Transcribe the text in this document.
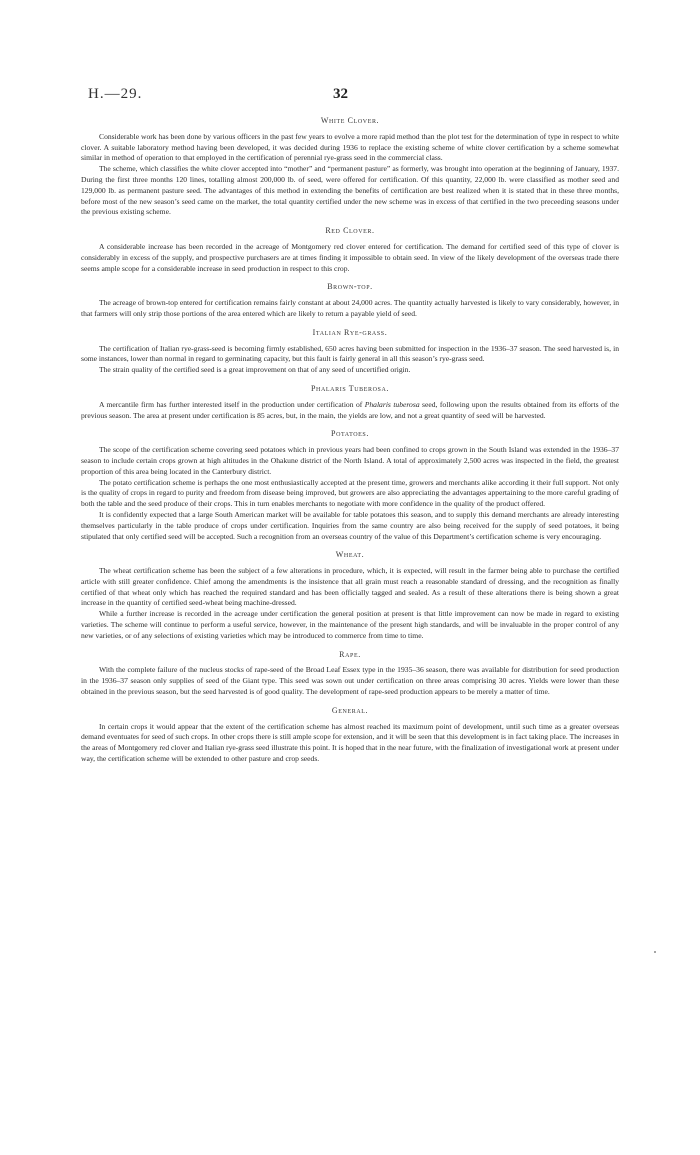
H.—29.	32
White Clover.

Considerable work has been done by various officers in the past few years to evolve a more rapid method than the plot test for the determination of type in respect to white clover. A suitable laboratory method having been developed, it was decided during 1936 to replace the existing scheme of white clover certification by a scheme somewhat similar in method of operation to that employed in the certification of perennial rye-grass seed in the commercial class.

The scheme, which classifies the white clover accepted into “mother” and “permanent pasture” as formerly, was brought into operation at the beginning of January, 1937. During the first three months 120 lines, totalling almost 200,000 lb. of seed, were offered for certification. Of this quantity, 22,000 lb. were classified as mother seed and 129,000 lb. as permanent pasture seed. The advantages of this method in extending the benefits of certification are best realized when it is stated that in these three months, before most of the new season’s seed came on the market, the total quantity certified under the new scheme was in excess of that certified in the two preceeding seasons under the previous existing scheme.

Red Clover.

A considerable increase has been recorded in the acreage of Montgomery red clover entered for certification. The demand for certified seed of this type of clover is considerably in excess of the supply, and prospective purchasers are at times finding it impossible to obtain seed. In view of the likely development of the overseas trade there seems ample scope for a considerable increase in seed production in respect to this crop.

Brown-top.

The acreage of brown-top entered for certification remains fairly constant at about 24,000 acres. The quantity actually harvested is likely to vary considerably, however, in that farmers will only strip those portions of the area entered which are likely to return a payable yield of seed.

Italian Rye-grass.

The certification of Italian rye-grass-seed is becoming firmly established, 650 acres having been submitted for inspection in the 1936–37 season. The seed harvested is, in some instances, lower than normal in regard to germinating capacity, but this fault is fairly general in all this season’s rye-grass seed.

The strain quality of the certified seed is a great improvement on that of any seed of uncertified origin.

Phalaris Tuberosa.

A mercantile firm has further interested itself in the production under certification of Phalaris tuberosa seed, following upon the results obtained from its efforts of the previous season. The area at present under certification is 85 acres, but, in the main, the yields are low, and not a great quantity of seed will be harvested.

Potatoes.

The scope of the certification scheme covering seed potatoes which in previous years had been confined to crops grown in the South Island was extended in the 1936–37 season to include certain crops grown at high altitudes in the Ohakune district of the North Island. A total of approximately 2,500 acres was inspected in the field, the greatest proportion of this area being located in the Canterbury district.

The potato certification scheme is perhaps the one most enthusiastically accepted at the present time, growers and merchants alike according it their full support. Not only is the quality of crops in regard to purity and freedom from disease being improved, but growers are also appreciating the advantages appertaining to the more careful grading of both the table and the seed produce of their crops. This in turn enables merchants to negotiate with more confidence in the quality of the product offered.

It is confidently expected that a large South American market will be available for table potatoes this season, and to supply this demand merchants are already interesting themselves particularly in the table produce of crops under certification. Inquiries from the same country are also being received for the supply of seed potatoes, it being stipulated that only certified seed will be accepted. Such a recognition from an overseas country of the value of this Department’s certification scheme is very encouraging.

Wheat.

The wheat certification scheme has been the subject of a few alterations in procedure, which, it is expected, will result in the farmer being able to purchase the certified article with still greater confidence. Chief among the amendments is the insistence that all grain must reach a reasonable standard of dressing, and the recognition as finally certified of that wheat only which has reached the required standard and has been officially tagged and sealed. As a result of these alterations there is being shown a great increase in the quantity of certified seed-wheat being machine-dressed.

While a further increase is recorded in the acreage under certification the general position at present is that little improvement can now be made in regard to existing varieties. The scheme will continue to perform a useful service, however, in the maintenance of the present high standards, and will be invaluable in the proper control of any new varieties, or of any selections of existing varieties which may be introduced to commerce from time to time.

Rape.

With the complete failure of the nucleus stocks of rape-seed of the Broad Leaf Essex type in the 1935–36 season, there was available for distribution for seed production in the 1936–37 season only supplies of seed of the Giant type. This seed was sown out under certification on three areas comprising 30 acres. Yields were lower than these obtained in the previous season, but the seed harvested is of good quality. The development of rape-seed production appears to be merely a matter of time.

General.

In certain crops it would appear that the extent of the certification scheme has almost reached its maximum point of development, until such time as a greater overseas demand eventuates for seed of such crops. In other crops there is still ample scope for extension, and it will be seen that this development is in fact taking place. The increases in the areas of Montgomery red clover and Italian rye-grass seed illustrate this point. It is hoped that in the near future, with the finalization of investigational work at present under way, the certification scheme will be extended to other pasture and crop seeds.
